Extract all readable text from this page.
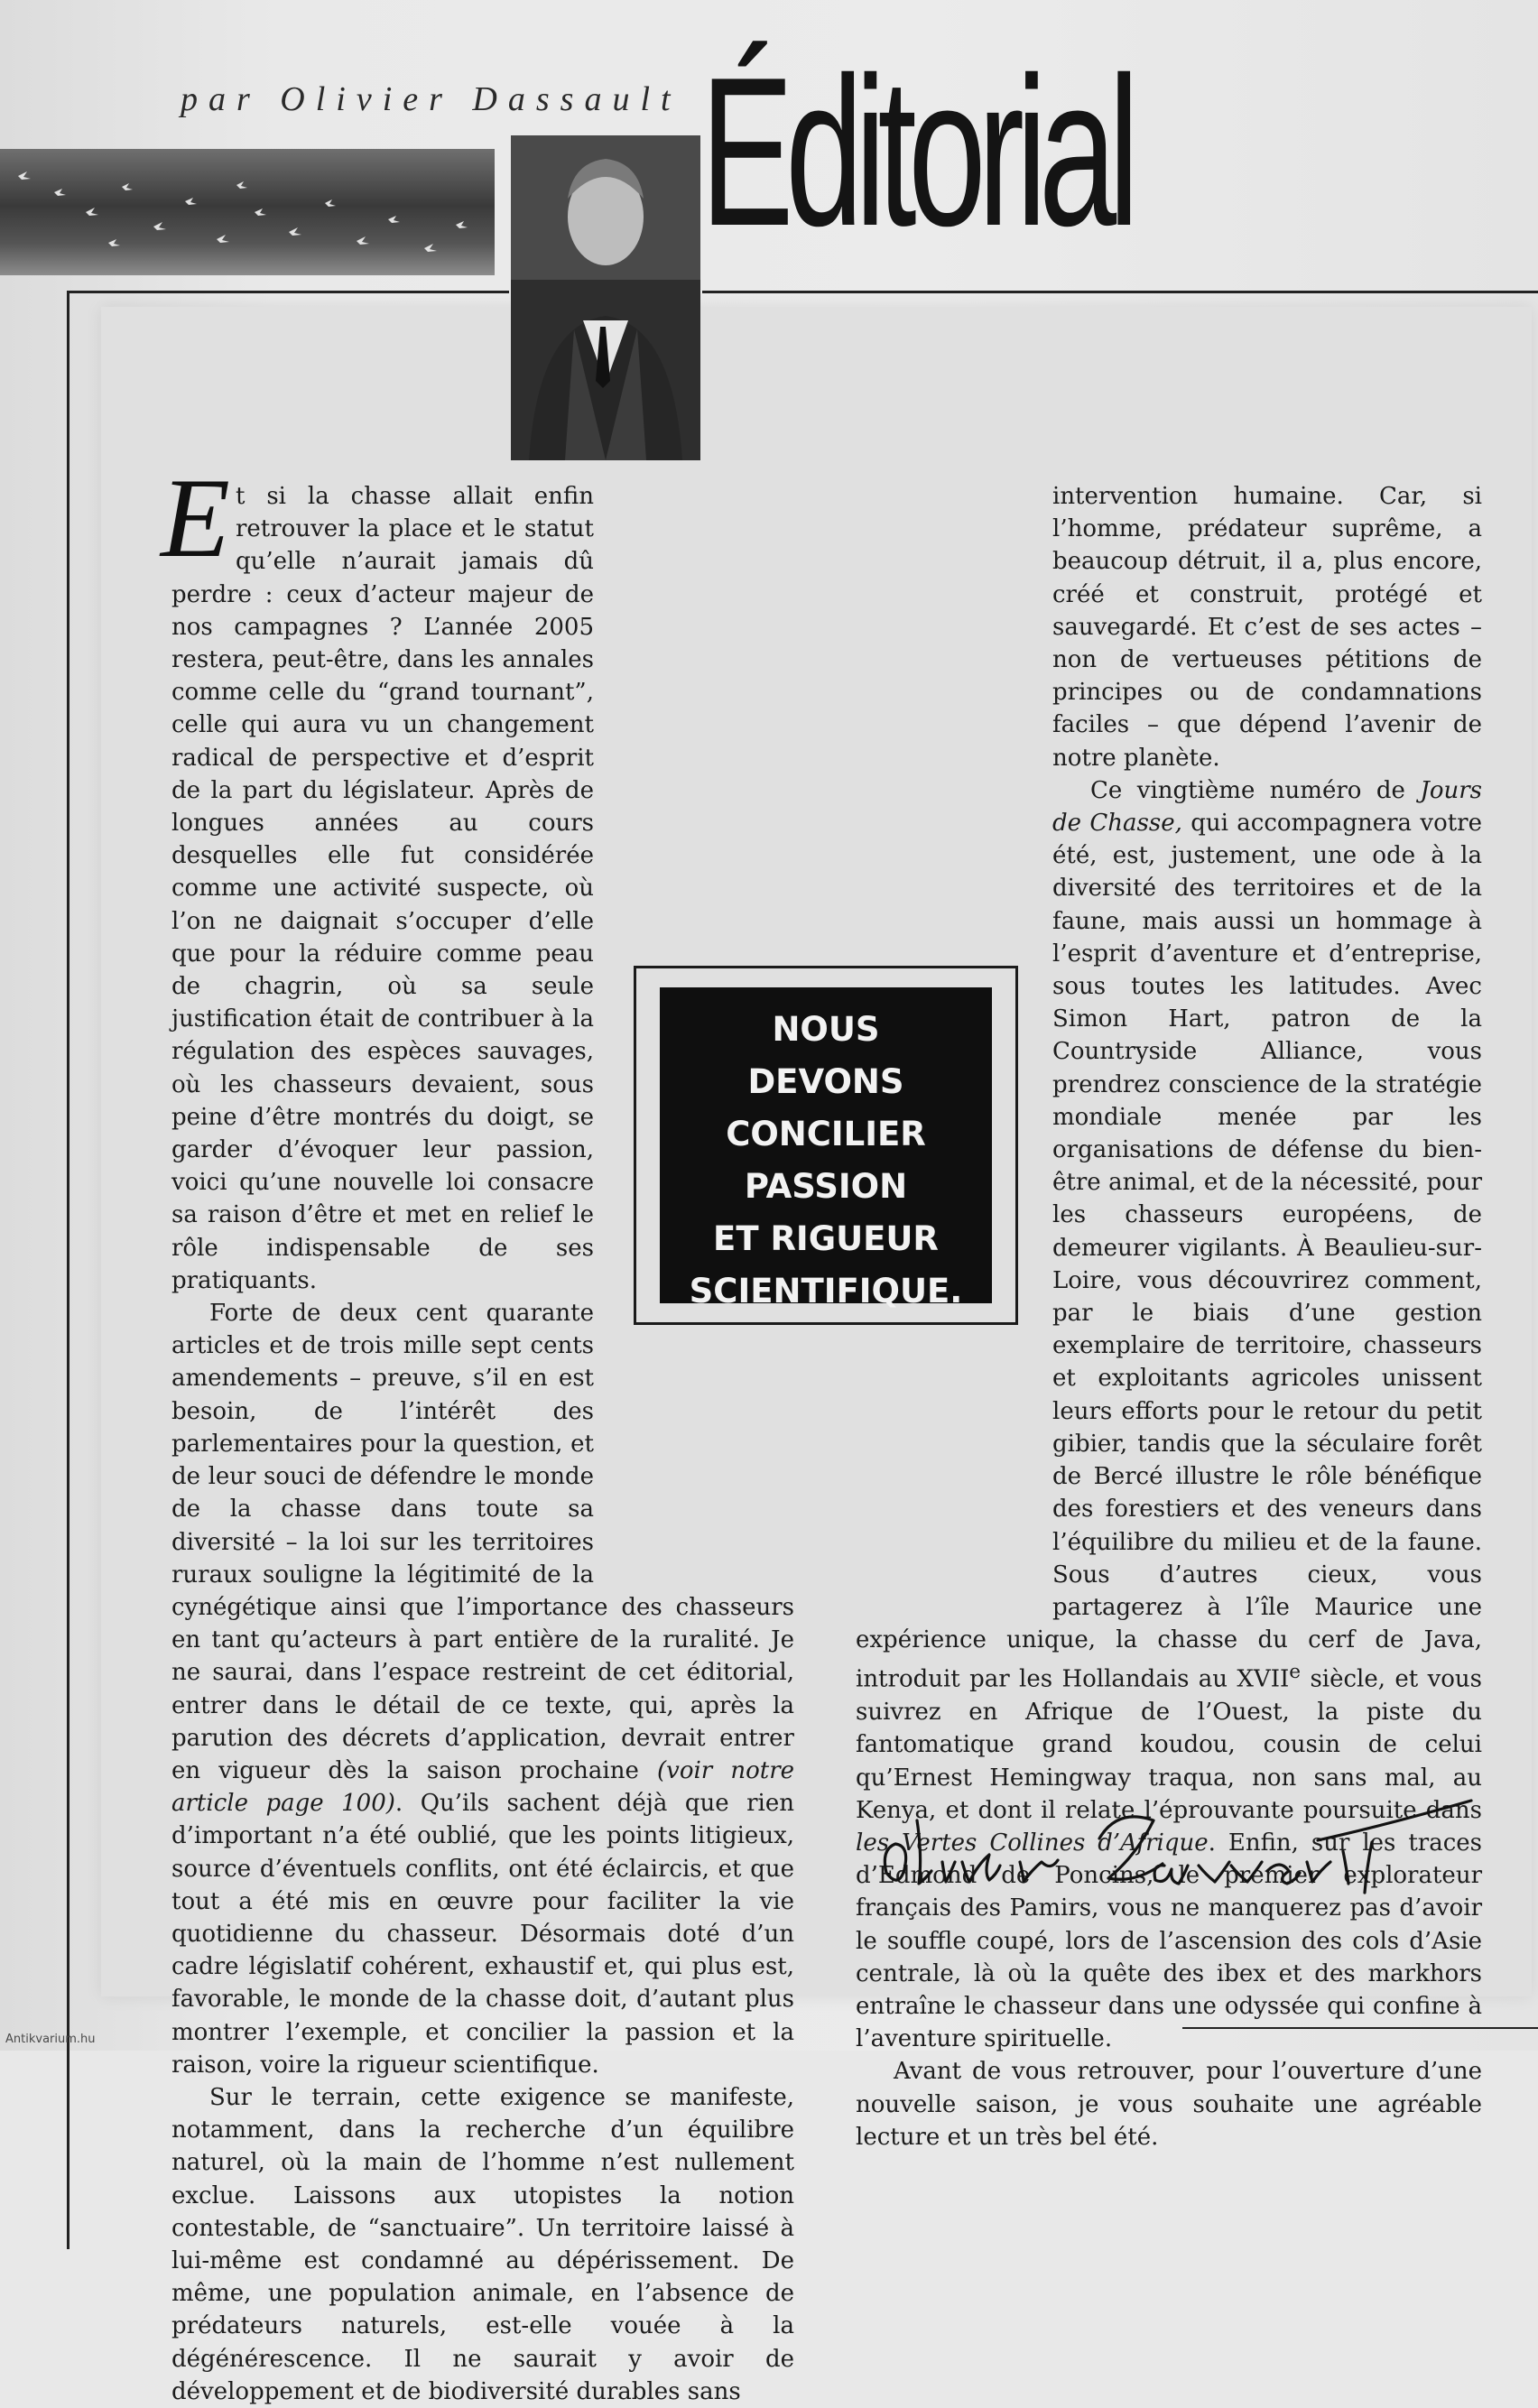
par Olivier Dassault Éditorial

Et si la chasse allait enfin retrouver la place et le statut qu’elle n’aurait jamais dû perdre : ceux d’acteur majeur de nos campagnes ? L’année 2005 restera, peut-être, dans les annales comme celle du “grand tournant”, celle qui aura vu un changement radical de perspective et d’esprit de la part du législateur. Après de longues années au cours desquelles elle fut considérée comme une activité suspecte, où l’on ne daignait s’occuper d’elle que pour la réduire comme peau de chagrin, où sa seule justification était de contribuer à la régulation des espèces sauvages, où les chasseurs devaient, sous peine d’être montrés du doigt, se garder d’évoquer leur passion, voici qu’une nouvelle loi consacre sa raison d’être et met en relief le rôle indispensable de ses pratiquants.

Forte de deux cent quarante articles et de trois mille sept cents amendements – preuve, s’il en est besoin, de l’intérêt des parlementaires pour la question, et de leur souci de défendre le monde de la chasse dans toute sa diversité – la loi sur les territoires ruraux souligne la légitimité de la cynégétique ainsi que l’importance des chasseurs en tant qu’acteurs à part entière de la ruralité. Je ne saurai, dans l’espace restreint de cet éditorial, entrer dans le détail de ce texte, qui, après la parution des décrets d’application, devrait entrer en vigueur dès la saison prochaine (voir notre article page 100). Qu’ils sachent déjà que rien d’important n’a été oublié, que les points litigieux, source d’éventuels conflits, ont été éclaircis, et que tout a été mis en œuvre pour faciliter la vie quotidienne du chasseur. Désormais doté d’un cadre législatif cohérent, exhaustif et, qui plus est, favorable, le monde de la chasse doit, d’autant plus montrer l’exemple, et concilier la passion et la raison, voire la rigueur scientifique.

Sur le terrain, cette exigence se manifeste, notamment, dans la recherche d’un équilibre naturel, où la main de l’homme n’est nullement exclue. Laissons aux utopistes la notion contestable, de “sanctuaire”. Un territoire laissé à lui-même est condamné au dépérissement. De même, une population animale, en l’absence de prédateurs naturels, est-elle vouée à la dégénérescence. Il ne saurait y avoir de développement et de biodiversité durables sans

intervention humaine. Car, si l’homme, prédateur suprême, a beaucoup détruit, il a, plus encore, créé et construit, protégé et sauvegardé. Et c’est de ses actes – non de vertueuses pétitions de principes ou de condamnations faciles – que dépend l’avenir de notre planète.

Ce vingtième numéro de Jours de Chasse, qui accompagnera votre été, est, justement, une ode à la diversité des territoires et de la faune, mais aussi un hommage à l’esprit d’aventure et d’entreprise, sous toutes les latitudes. Avec Simon Hart, patron de la Countryside Alliance, vous prendrez conscience de la stratégie mondiale menée par les organisations de défense du bien-être animal, et de la nécessité, pour les chasseurs européens, de demeurer vigilants. À Beaulieu-sur-Loire, vous découvrirez comment, par le biais d’une gestion exemplaire de territoire, chasseurs et exploitants agricoles unissent leurs efforts pour le retour du petit gibier, tandis que la séculaire forêt de Bercé illustre le rôle bénéfique des forestiers et des veneurs dans l’équilibre du milieu et de la faune. Sous d’autres cieux, vous partagerez à l’île Maurice une expérience unique, la chasse du cerf de Java, introduit par les Hollandais au XVIIe siècle, et vous suivrez en Afrique de l’Ouest, la piste du fantomatique grand koudou, cousin de celui qu’Ernest Hemingway traqua, non sans mal, au Kenya, et dont il relate l’éprouvante poursuite dans les Vertes Collines d’Afrique. Enfin, sur les traces d’Edmond de Poncins, le premier explorateur français des Pamirs, vous ne manquerez pas d’avoir le souffle coupé, lors de l’ascension des cols d’Asie centrale, là où la quête des ibex et des markhors entraîne le chasseur dans une odyssée qui confine à l’aventure spirituelle.

Avant de vous retrouver, pour l’ouverture d’une nouvelle saison, je vous souhaite une agréable lecture et un très bel été.

NOUS
DEVONS
CONCILIER
PASSION
ET RIGUEUR
SCIENTIFIQUE.
Antikvarium.hu
